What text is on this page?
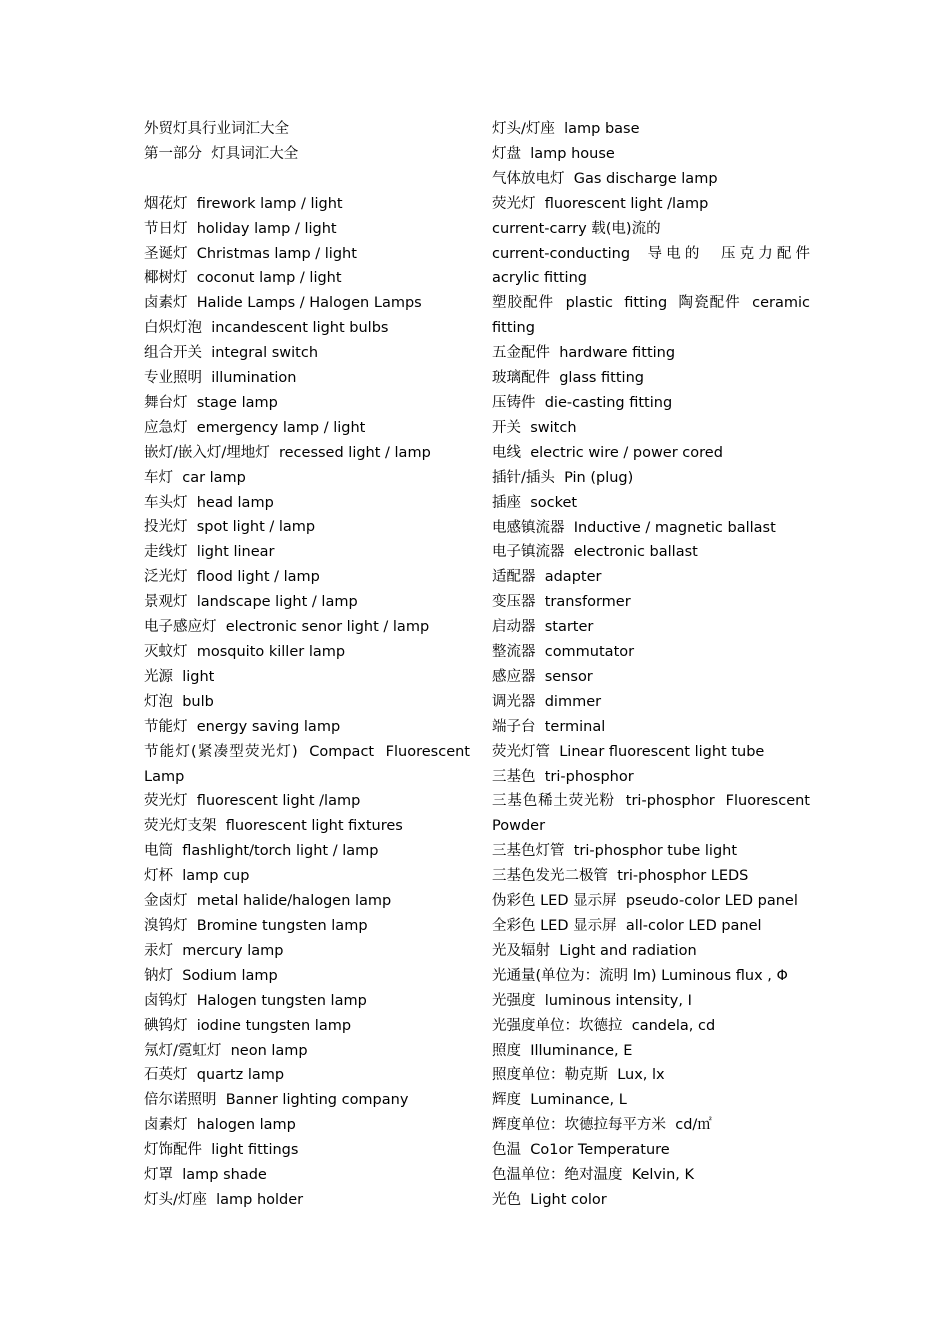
外贸灯具行业词汇大全
第一部分  灯具词汇大全
烟花灯  firework lamp / light
节日灯  holiday lamp / light
圣诞灯  Christmas lamp / light
椰树灯  coconut lamp / light
卤素灯  Halide Lamps / Halogen Lamps
白炽灯泡  incandescent light bulbs
组合开关  integral switch
专业照明  illumination
舞台灯  stage lamp
应急灯  emergency lamp / light
嵌灯/嵌入灯/埋地灯  recessed light / lamp
车灯  car lamp
车头灯  head lamp
投光灯  spot light / lamp
走线灯  light linear
泛光灯  flood light / lamp
景观灯  landscape light / lamp
电子感应灯  electronic senor light / lamp
灭蚊灯  mosquito killer lamp
光源  light
灯泡  bulb
节能灯  energy saving lamp
节能灯(紧凑型荧光灯)  Compact  Fluorescent
Lamp
荧光灯  fluorescent light /lamp
荧光灯支架  fluorescent light fixtures
电筒  flashlight/torch light / lamp
灯杯  lamp cup
金卤灯  metal halide/halogen lamp
溴钨灯  Bromine tungsten lamp
汞灯  mercury lamp
钠灯  Sodium lamp
卤钨灯  Halogen tungsten lamp
碘钨灯  iodine tungsten lamp
氖灯/霓虹灯  neon lamp
石英灯  quartz lamp
倍尔诺照明  Banner lighting company
卤素灯  halogen lamp
灯饰配件  light fittings
灯罩  lamp shade
灯头/灯座  lamp holder
灯头/灯座  lamp base
灯盘  lamp house
气体放电灯  Gas discharge lamp
荧光灯  fluorescent light /lamp
current-carry 载(电)流的
current-conducting  导电的  压克力配件
acrylic fitting
塑胶配件  plastic  fitting  陶瓷配件  ceramic
fitting
五金配件  hardware fitting
玻璃配件  glass fitting
压铸件  die-casting fitting
开关  switch
电线  electric wire / power cored
插针/插头  Pin (plug)
插座  socket
电感镇流器  Inductive / magnetic ballast
电子镇流器  electronic ballast
适配器  adapter
变压器  transformer
启动器  starter
整流器  commutator
感应器  sensor
调光器  dimmer
端子台  terminal
荧光灯管  Linear fluorescent light tube
三基色  tri-phosphor
三基色稀土荧光粉  tri-phosphor  Fluorescent
Powder
三基色灯管  tri-phosphor tube light
三基色发光二极管  tri-phosphor LEDS
伪彩色 LED 显示屏  pseudo-color LED panel
全彩色 LED 显示屏  all-color LED panel
光及辐射  Light and radiation
光通量(单位为：流明 lm) Luminous flux , Φ
光强度  luminous intensity, I
光强度单位：坎德拉  candela, cd
照度  Illuminance, E
照度单位：勒克斯  Lux, lx
辉度  Luminance, L
辉度单位：坎德拉每平方米  cd/㎡
色温  Co1or Temperature
色温单位：绝对温度  Kelvin, K
光色  Light color
